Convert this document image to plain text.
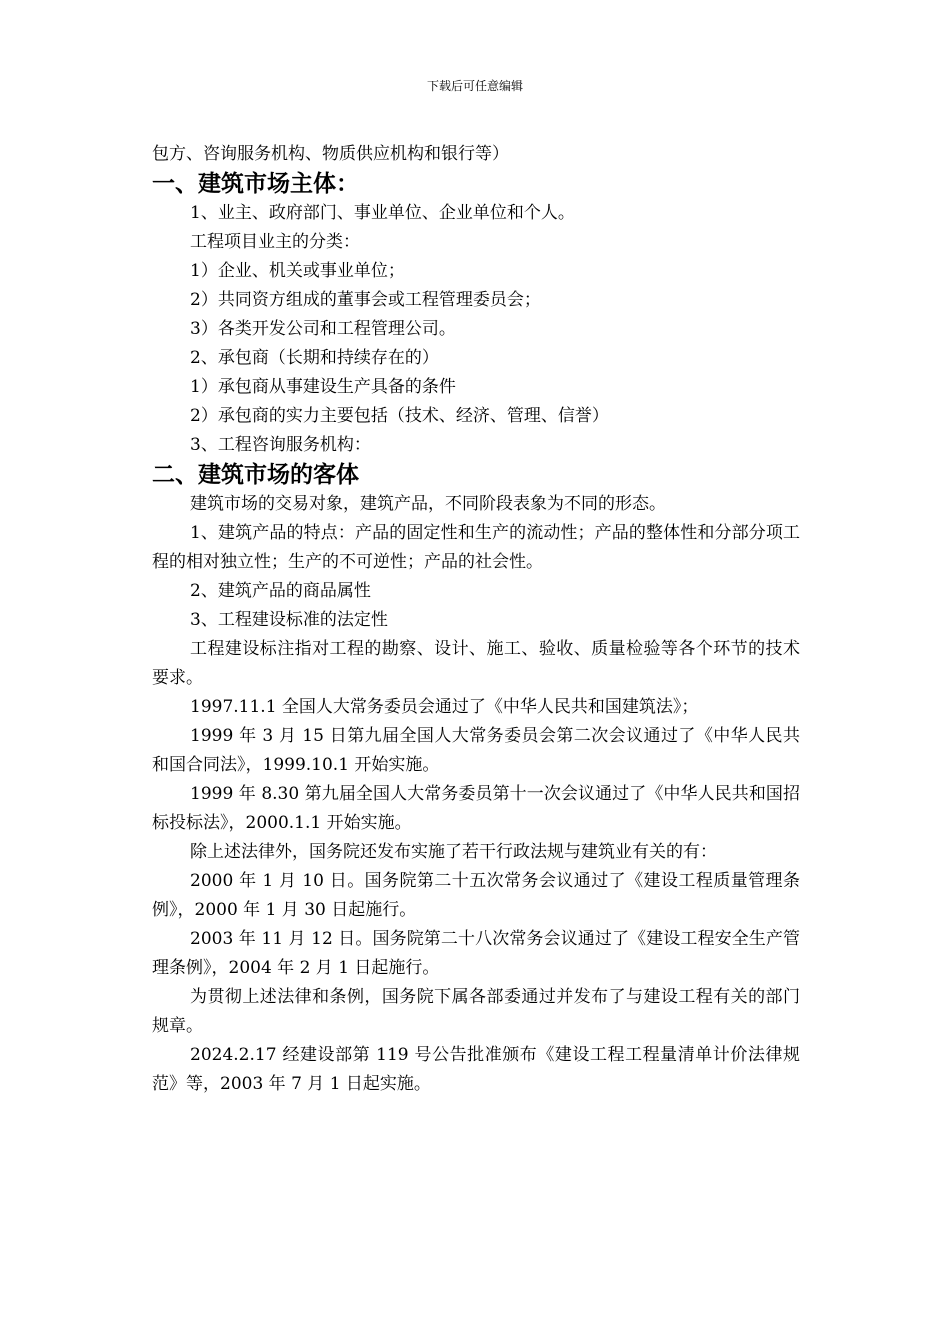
下载后可任意编辑

包方、咨询服务机构、物质供应机构和银行等）

一、建筑市场主体：

1、业主、政府部门、事业单位、企业单位和个人。

工程项目业主的分类：

1）企业、机关或事业单位；

2）共同资方组成的董事会或工程管理委员会；

3）各类开发公司和工程管理公司。

2、承包商（长期和持续存在的）

1）承包商从事建设生产具备的条件

2）承包商的实力主要包括（技术、经济、管理、信誉）

3、工程咨询服务机构：

二、建筑市场的客体

建筑市场的交易对象，建筑产品，不同阶段表象为不同的形态。

1、建筑产品的特点：产品的固定性和生产的流动性；产品的整体性和分部分项工程的相对独立性；生产的不可逆性；产品的社会性。

2、建筑产品的商品属性

3、工程建设标准的法定性

工程建设标注指对工程的勘察、设计、施工、验收、质量检验等各个环节的技术要求。

1997.11.1 全国人大常务委员会通过了《中华人民共和国建筑法》；

1999 年 3 月 15 日第九届全国人大常务委员会第二次会议通过了《中华人民共和国合同法》，1999.10.1 开始实施。

1999 年 8.30 第九届全国人大常务委员第十一次会议通过了《中华人民共和国招标投标法》，2000.1.1 开始实施。

除上述法律外，国务院还发布实施了若干行政法规与建筑业有关的有：

2000 年 1 月 10 日。国务院第二十五次常务会议通过了《建设工程质量管理条例》，2000 年 1 月 30 日起施行。

2003 年 11 月 12 日。国务院第二十八次常务会议通过了《建设工程安全生产管理条例》，2004 年 2 月 1 日起施行。

为贯彻上述法律和条例，国务院下属各部委通过并发布了与建设工程有关的部门规章。

2024.2.17 经建设部第 119 号公告批准颁布《建设工程工程量清单计价法律规范》等，2003 年 7 月 1 日起实施。
